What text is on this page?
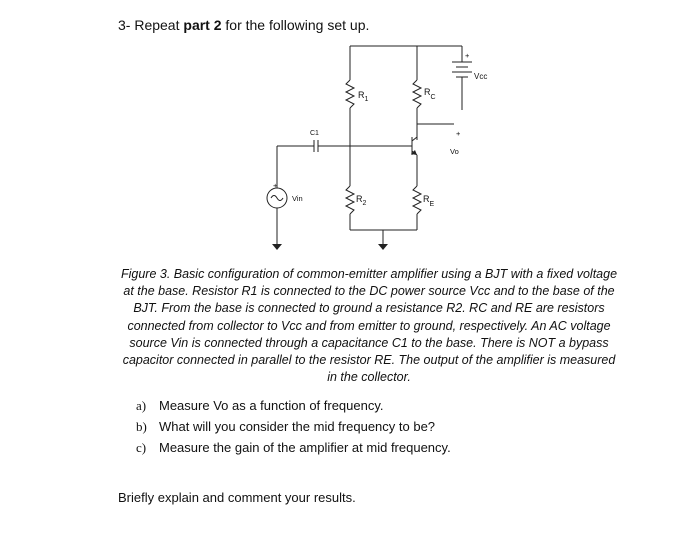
3- Repeat part 2 for the following set up.
+
Vcc
$R_1$
$R_C$
C1	+
Vo
+
Vin	$R_2$	$R_E$
Figure 3. Basic configuration of common-emitter amplifier using a BJT with a fixed voltage
at the base. Resistor R1 is connected to the DC power source Vcc and to the base of the
BJT. From the base is connected to ground a resistance R2. RC and RE are resistors
connected from collector to Vcc and from emitter to ground, respectively. An AC voltage
source Vin is connected through a capacitance C1 to the base. There is NOT a bypass
capacitor connected in parallel to the resistor RE. The output of the amplifier is measured
in the collector.
a) Measure Vo as a function of frequency.
b) What will you consider the mid frequency to be?
c) Measure the gain of the amplifier at mid frequency.
Briefly explain and comment your results.
